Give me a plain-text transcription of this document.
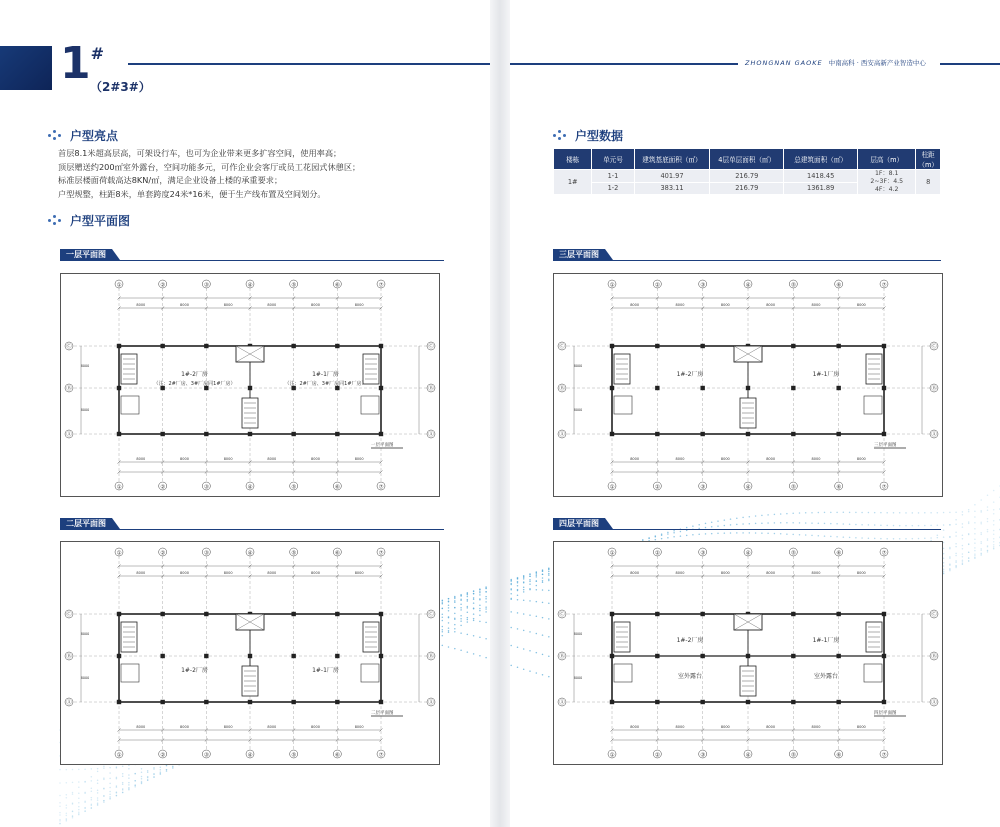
1#
（2#3#）
户型亮点
首层8.1米超高层高，可架设行车，也可为企业带来更多扩容空间，使用率高；
顶层赠送约200㎡室外露台，空间功能多元，可作企业会客厅或员工花园式休憩区；
标准层楼面荷载高达8KN/㎡，满足企业设备上楼的承重要求；
户型规整，柱距8米，单套跨度24米*16米，便于生产线布置及空间划分。
户型平面图
一层平面图
①
①
②
②
③
③
④
④
⑤
⑤
⑥
⑥
⑦
⑦
8000
8000
8000
8000
8000
8000
8000
8000
8000
8000
8000
8000
Ⓒ	Ⓒ
Ⓑ	Ⓑ
Ⓐ	Ⓐ
8000
8000
1#-2厂房	1#-1厂房
（注：2#厂房、3#厂房同1#厂房）	（注：2#厂房、3#厂房同1#厂房）
一层平面图
二层平面图
①
①
②
②
③
③
④
④
⑤
⑤
⑥
⑥
⑦
⑦
8000
8000
8000
8000
8000
8000
8000
8000
8000
8000
8000
8000
Ⓒ	Ⓒ
Ⓑ	Ⓑ
Ⓐ	Ⓐ
8000
8000
1#-2厂房	1#-1厂房
二层平面图
户型数据
三层平面图
①
①
②
②
③
③
④
④
⑤
⑤
⑥
⑥
⑦
⑦
8000
8000
8000
8000
8000
8000
8000
8000
8000
8000
8000
8000
Ⓒ	Ⓒ
Ⓑ	Ⓑ
Ⓐ	Ⓐ
8000
8000
1#-2厂房	1#-1厂房
三层平面图
四层平面图
①
①
②
②
③
③
④
④
⑤
⑤
⑥
⑥
⑦
⑦
8000
8000
8000
8000
8000
8000
8000
8000
8000
8000
8000
8000
Ⓒ	Ⓒ
Ⓑ	Ⓑ
Ⓐ	Ⓐ
8000
8000
1#-2厂房	1#-1厂房
室外露台	室外露台
四层平面图
ZHONGNAN GAOKE 中南高科 · 西安高新产业智造中心
楼栋	单元号	建筑基底面积（㎡）	4层单层面积（㎡）	总建筑面积（㎡）	层高（m）	柱距（m）
1#	1-1	401.97	216.79	1418.45	1F：8.1
2~3F：4.5
4F：4.2	8
	1-2	383.11	216.79	1361.89		
